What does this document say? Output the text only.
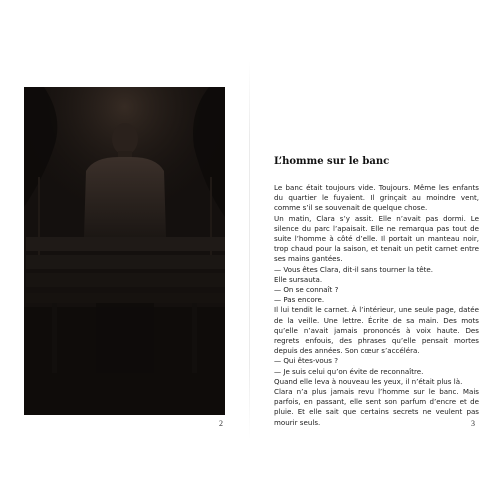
2
L’homme sur le banc

Le banc était toujours vide. Toujours. Même les enfants du quartier le fuyaient. Il grinçait au moindre vent, comme s’il se souvenait de quelque chose.

Un matin, Clara s’y assit. Elle n’avait pas dormi. Le silence du parc l’apaisait. Elle ne remarqua pas tout de suite l’homme à côté d’elle. Il portait un manteau noir, trop chaud pour la saison, et tenait un petit carnet entre ses mains gantées.

— Vous êtes Clara, dit-il sans tourner la tête.

Elle sursauta.

— On se connaît ?

— Pas encore.

Il lui tendit le carnet. À l’intérieur, une seule page, datée de la veille. Une lettre. Écrite de sa main. Des mots qu’elle n’avait jamais prononcés à voix haute. Des regrets enfouis, des phrases qu’elle pensait mortes depuis des années. Son cœur s’accéléra.

— Qui êtes-vous ?

— Je suis celui qu’on évite de reconnaître.

Quand elle leva à nouveau les yeux, il n’était plus là.

Clara n’a plus jamais revu l’homme sur le banc. Mais parfois, en passant, elle sent son parfum d’encre et de pluie. Et elle sait que certains secrets ne veulent pas mourir seuls.	3
